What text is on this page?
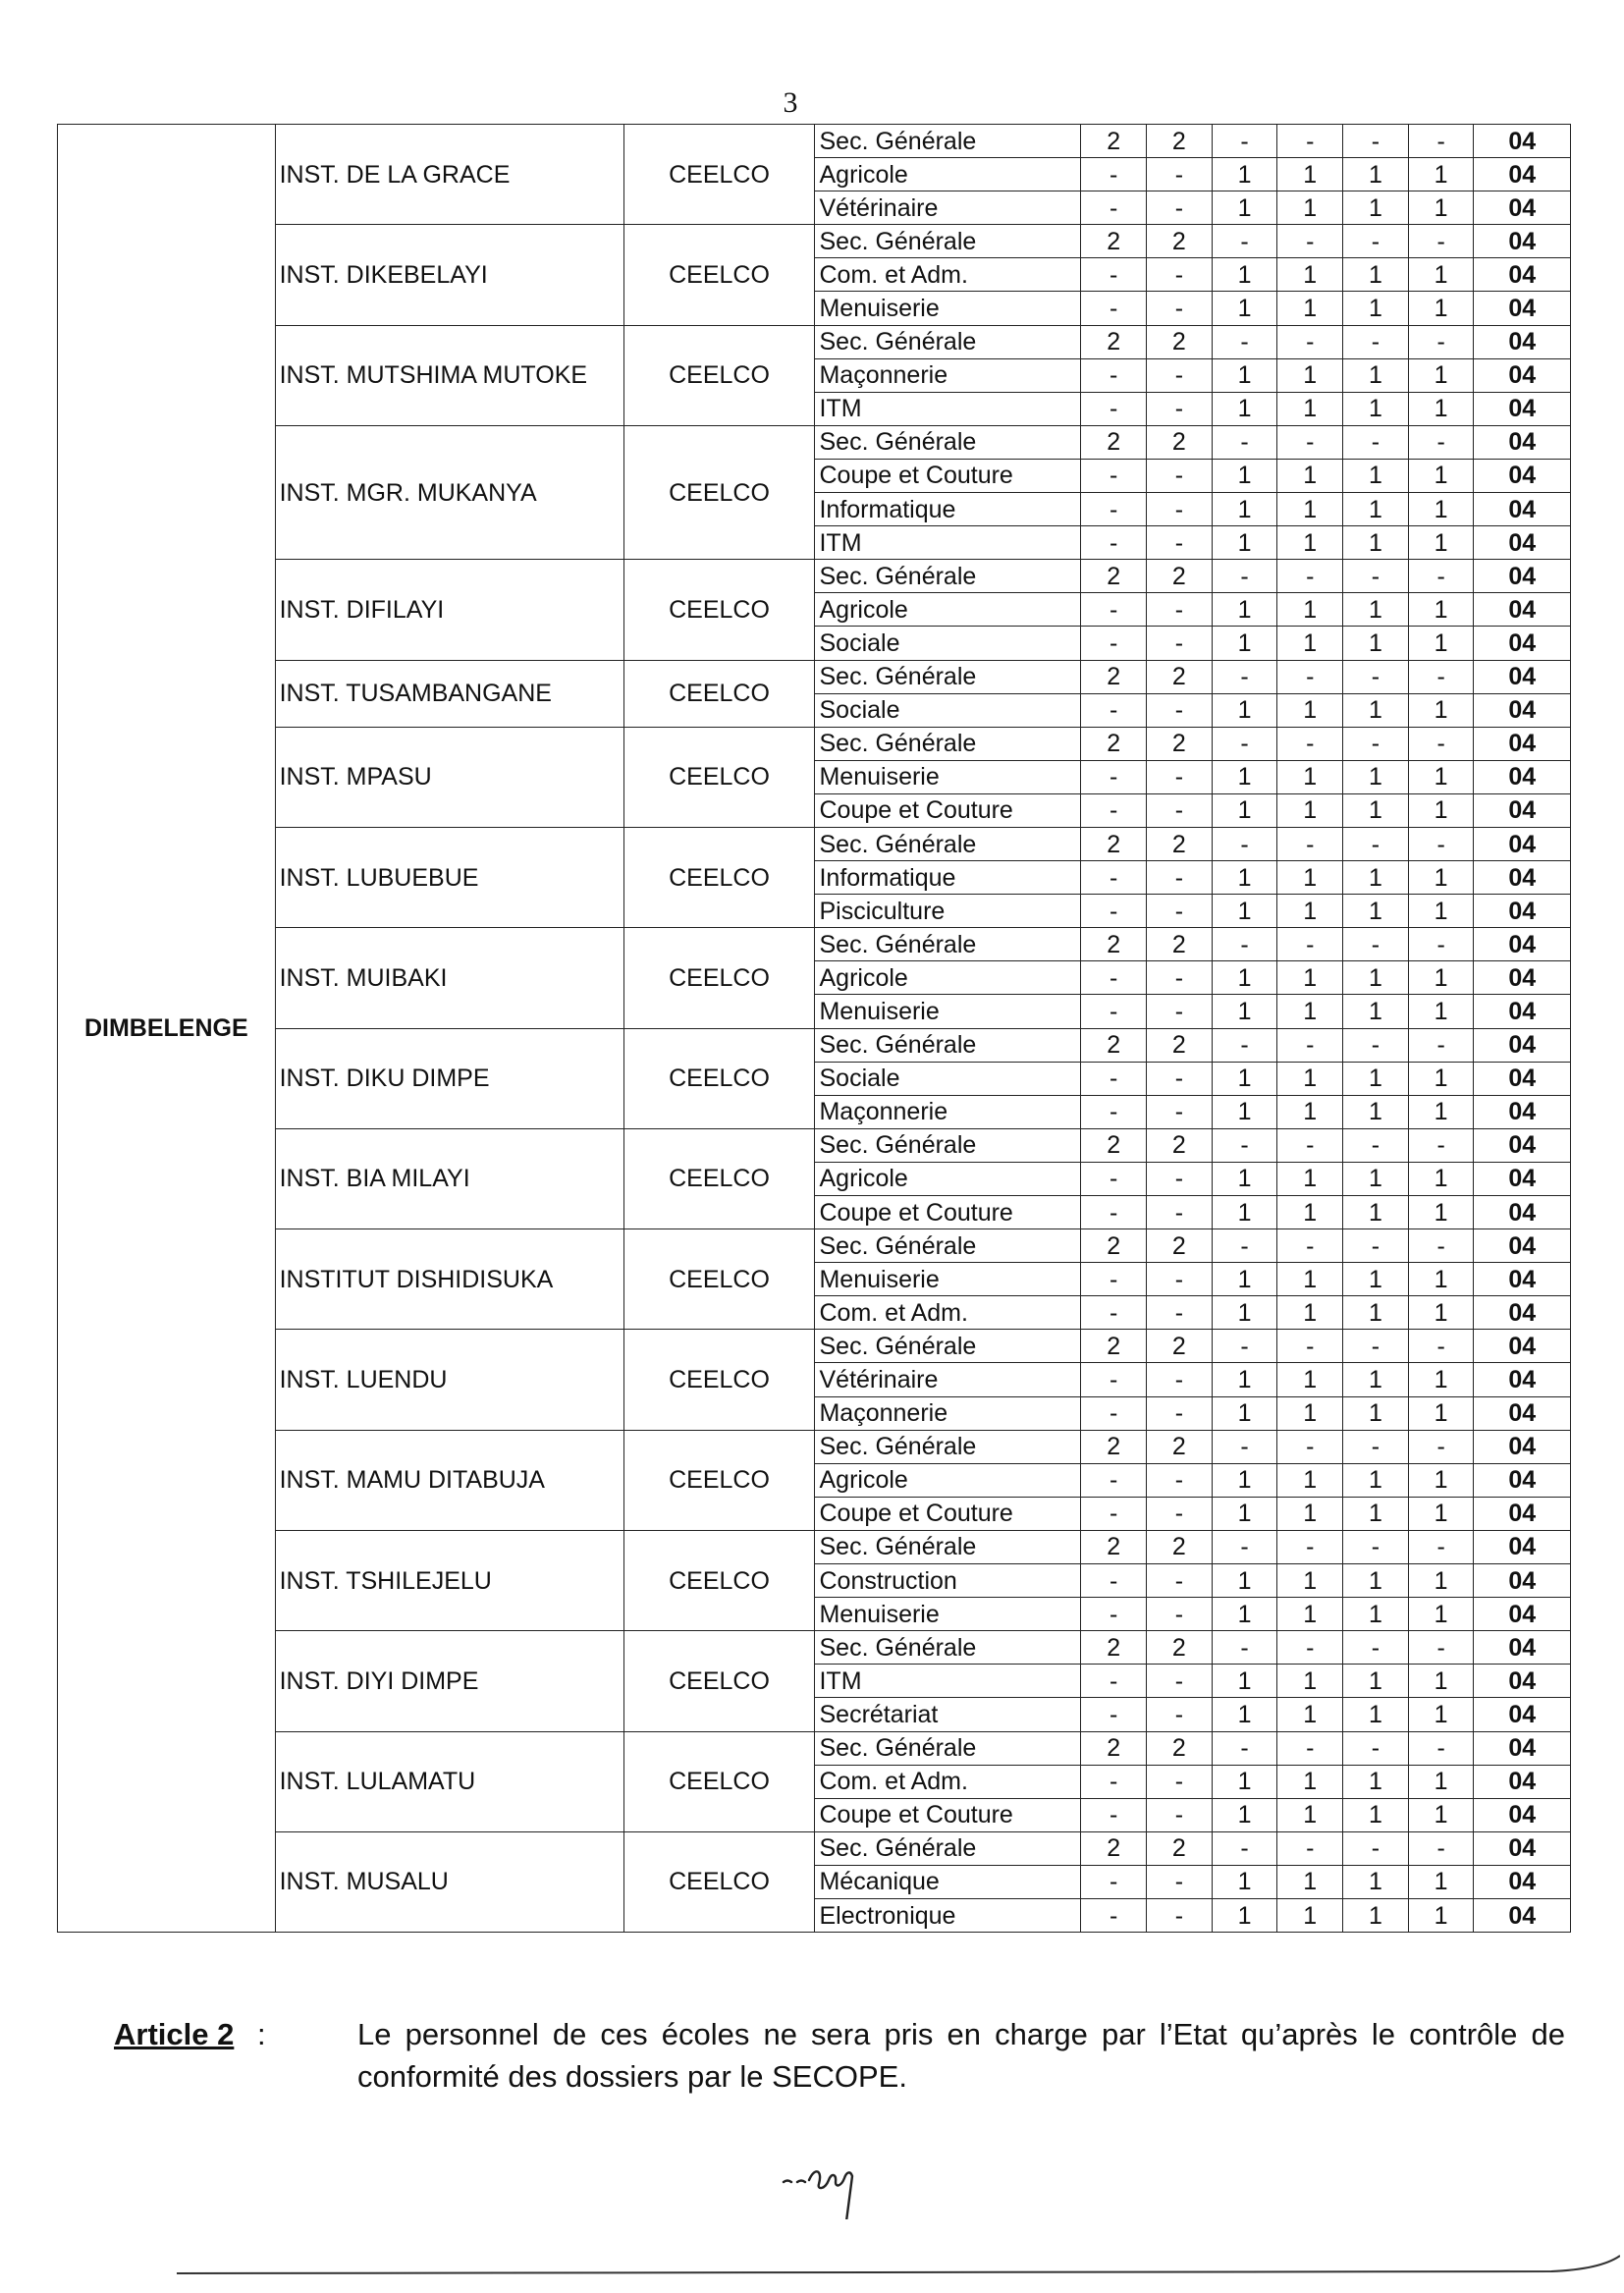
3
DIMBELENGE	INST. DE LA GRACE	CEELCO	Sec. Générale	2	2	-	-	-	-	04
			Agricole	-	-	1	1	1	1	04
			Vétérinaire	-	-	1	1	1	1	04
	INST. DIKEBELAYI	CEELCO	Sec. Générale	2	2	-	-	-	-	04
			Com. et Adm.	-	-	1	1	1	1	04
			Menuiserie	-	-	1	1	1	1	04
	INST. MUTSHIMA MUTOKE	CEELCO	Sec. Générale	2	2	-	-	-	-	04
			Maçonnerie	-	-	1	1	1	1	04
			ITM	-	-	1	1	1	1	04
	INST. MGR. MUKANYA	CEELCO	Sec. Générale	2	2	-	-	-	-	04
			Coupe et Couture	-	-	1	1	1	1	04
			Informatique	-	-	1	1	1	1	04
			ITM	-	-	1	1	1	1	04
	INST. DIFILAYI	CEELCO	Sec. Générale	2	2	-	-	-	-	04
			Agricole	-	-	1	1	1	1	04
			Sociale	-	-	1	1	1	1	04
	INST. TUSAMBANGANE	CEELCO	Sec. Générale	2	2	-	-	-	-	04
			Sociale	-	-	1	1	1	1	04
	INST. MPASU	CEELCO	Sec. Générale	2	2	-	-	-	-	04
			Menuiserie	-	-	1	1	1	1	04
			Coupe et Couture	-	-	1	1	1	1	04
	INST. LUBUEBUE	CEELCO	Sec. Générale	2	2	-	-	-	-	04
			Informatique	-	-	1	1	1	1	04
			Pisciculture	-	-	1	1	1	1	04
	INST. MUIBAKI	CEELCO	Sec. Générale	2	2	-	-	-	-	04
			Agricole	-	-	1	1	1	1	04
			Menuiserie	-	-	1	1	1	1	04
	INST. DIKU DIMPE	CEELCO	Sec. Générale	2	2	-	-	-	-	04
			Sociale	-	-	1	1	1	1	04
			Maçonnerie	-	-	1	1	1	1	04
	INST. BIA MILAYI	CEELCO	Sec. Générale	2	2	-	-	-	-	04
			Agricole	-	-	1	1	1	1	04
			Coupe et Couture	-	-	1	1	1	1	04
	INSTITUT DISHIDISUKA	CEELCO	Sec. Générale	2	2	-	-	-	-	04
			Menuiserie	-	-	1	1	1	1	04
			Com. et Adm.	-	-	1	1	1	1	04
	INST. LUENDU	CEELCO	Sec. Générale	2	2	-	-	-	-	04
			Vétérinaire	-	-	1	1	1	1	04
			Maçonnerie	-	-	1	1	1	1	04
	INST. MAMU DITABUJA	CEELCO	Sec. Générale	2	2	-	-	-	-	04
			Agricole	-	-	1	1	1	1	04
			Coupe et Couture	-	-	1	1	1	1	04
	INST. TSHILEJELU	CEELCO	Sec. Générale	2	2	-	-	-	-	04
			Construction	-	-	1	1	1	1	04
			Menuiserie	-	-	1	1	1	1	04
	INST. DIYI DIMPE	CEELCO	Sec. Générale	2	2	-	-	-	-	04
			ITM	-	-	1	1	1	1	04
			Secrétariat	-	-	1	1	1	1	04
	INST. LULAMATU	CEELCO	Sec. Générale	2	2	-	-	-	-	04
			Com. et Adm.	-	-	1	1	1	1	04
			Coupe et Couture	-	-	1	1	1	1	04
	INST. MUSALU	CEELCO	Sec. Générale	2	2	-	-	-	-	04
			Mécanique	-	-	1	1	1	1	04
			Electronique	-	-	1	1	1	1	04
Article 2 :	Le personnel de ces écoles ne sera pris en charge par l’Etat qu’après le contrôle de conformité des dossiers par le SECOPE.
